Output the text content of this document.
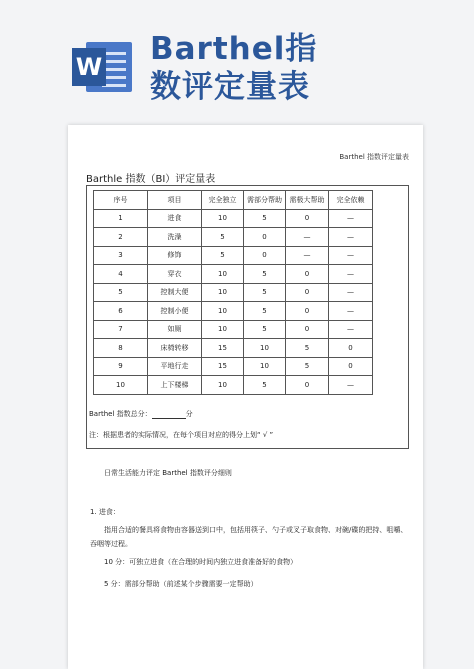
W Barthel指
数评定量表
Barthel 指数评定量表
Barthle 指数（BI）评定量表
序号	项目	完全独立	需部分帮助	需极大帮助	完全依赖
1	进食	10	5	0	—
2	洗澡	5	0	—	—
3	修饰	5	0	—	—
4	穿衣	10	5	0	—
5	控制大便	10	5	0	—
6	控制小便	10	5	0	—
7	如厕	10	5	0	—
8	床椅转移	15	10	5	0
9	平地行走	15	10	5	0
10	上下楼梯	10	5	0	—
Barthel 指数总分：	分
注：根据患者的实际情况，在每个项目对应的得分上划“ √ ”
日常生活能力评定 Barthel 指数评分细则
1. 进食：

指用合适的餐具将食物由容器送到口中，包括用筷子、勺子或叉子取食物、对碗/碟的把持、咀嚼、吞咽等过程。

10 分：可独立进食（在合理的时间内独立进食准备好的食物）
5 分：需部分帮助（前述某个步骤需要一定帮助）
